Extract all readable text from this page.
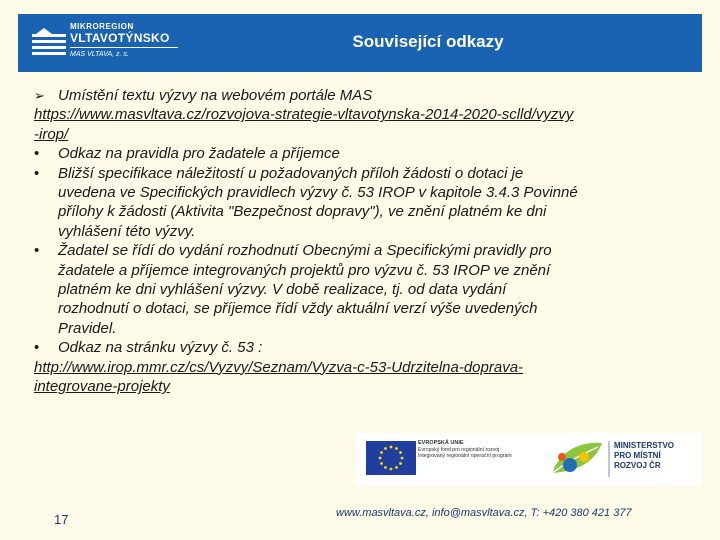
MIKROREGION
VLTAVOTÝNSKO
MAS VLTAVA, z. s.
Související odkazy
➢ Umístění textu výzvy na webovém portále MAS
https://www.masvltava.cz/rozvojova-strategie-vltavotynska-2014-2020-sclld/vyzvy
-irop/
• Odkaz na pravidla pro žadatele a příjemce
• Bližší specifikace náležitostí u požadovaných příloh žádosti o dotaci je
uvedena ve Specifických pravidlech výzvy č. 53 IROP v kapitole 3.4.3 Povinné
přílohy k žádosti (Aktivita "Bezpečnost dopravy"), ve znění platném ke dni
vyhlášení této výzvy.
• Žadatel se řídí do vydání rozhodnutí Obecnými a Specifickými pravidly pro
žadatele a příjemce integrovaných projektů pro výzvu č. 53 IROP ve znění
platném ke dni vyhlášení výzvy. V době realizace, tj. od data vydání
rozhodnutí o dotaci, se příjemce řídí vždy aktuální verzí výše uvedených
Pravidel.
• Odkaz na stránku výzvy č. 53 :
http://www.irop.mmr.cz/cs/Vyzvy/Seznam/Vyzva-c-53-Udrzitelna-doprava-
integrovane-projekty
EVROPSKÁ UNIE
Evropský fond pro regionální rozvoj
Integrovaný regionální operační program
MINISTERSTVO
PRO MÍSTNÍ
ROZVOJ ČR
17	www.masvltava.cz, info@masvltava.cz, T: +420 380 421 377
